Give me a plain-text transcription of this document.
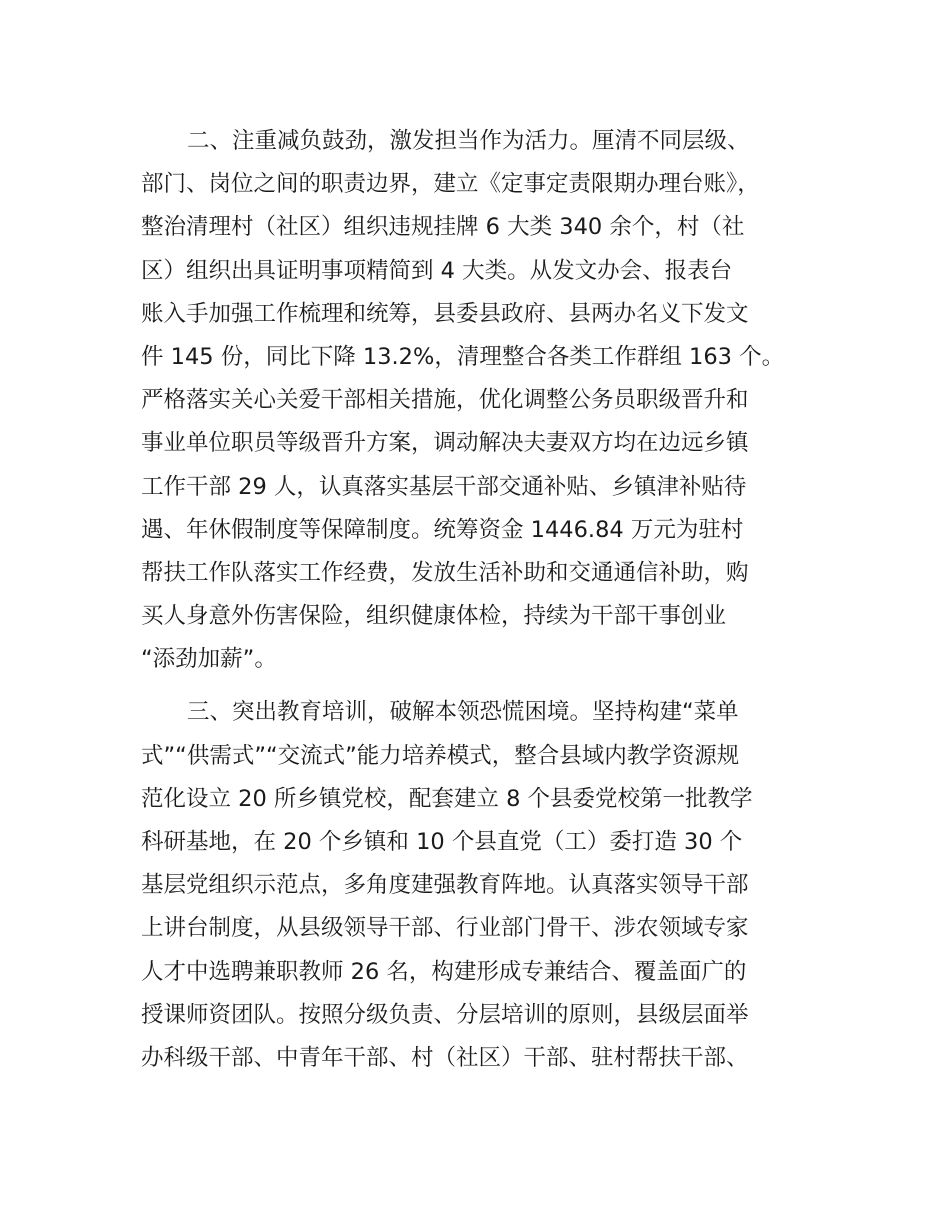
二、注重减负鼓劲，激发担当作为活力。厘清不同层级、
部门、岗位之间的职责边界，建立《定事定责限期办理台账》，
整治清理村（社区）组织违规挂牌 6 大类 340 余个，村（社
区）组织出具证明事项精简到 4 大类。从发文办会、报表台
账入手加强工作梳理和统筹，县委县政府、县两办名义下发文
件 145 份，同比下降 13.2%，清理整合各类工作群组 163 个。
严格落实关心关爱干部相关措施，优化调整公务员职级晋升和
事业单位职员等级晋升方案，调动解决夫妻双方均在边远乡镇
工作干部 29 人，认真落实基层干部交通补贴、乡镇津补贴待
遇、年休假制度等保障制度。统筹资金 1446.84 万元为驻村
帮扶工作队落实工作经费，发放生活补助和交通通信补助，购
买人身意外伤害保险，组织健康体检，持续为干部干事创业
“添劲加薪”。
三、突出教育培训，破解本领恐慌困境。坚持构建“菜单
式”“供需式”“交流式”能力培养模式，整合县域内教学资源规
范化设立 20 所乡镇党校，配套建立 8 个县委党校第一批教学
科研基地，在 20 个乡镇和 10 个县直党（工）委打造 30 个
基层党组织示范点，多角度建强教育阵地。认真落实领导干部
上讲台制度，从县级领导干部、行业部门骨干、涉农领域专家
人才中选聘兼职教师 26 名，构建形成专兼结合、覆盖面广的
授课师资团队。按照分级负责、分层培训的原则，县级层面举
办科级干部、中青年干部、村（社区）干部、驻村帮扶干部、
